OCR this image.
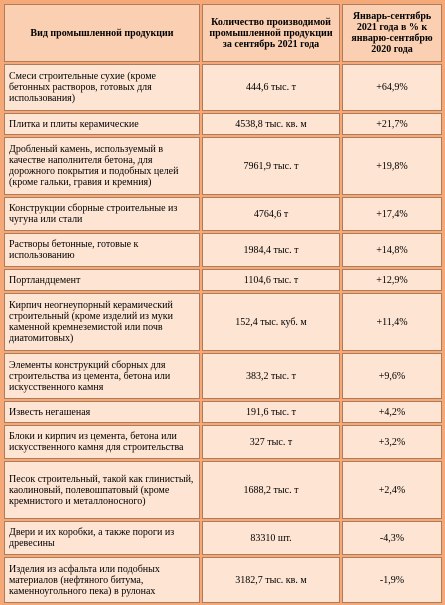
Вид промышленной продукции	Количество производимой промышленной продукции за сентябрь 2021 года	Январь-сентябрь 2021 года в % к январю-сентябрю 2020 года
Смеси строительные сухие (кроме бетонных растворов, готовых для использования)	444,6 тыс. т	+64,9%
Плитка и плиты керамические	4538,8 тыс. кв. м	+21,7%
Дробленый камень, используемый в качестве наполнителя бетона, для дорожного покрытия и подобных целей (кроме гальки, гравия и кремния)	7961,9 тыс. т	+19,8%
Конструкции сборные строительные из чугуна или стали	4764,6 т	+17,4%
Растворы бетонные, готовые к использованию	1984,4 тыс. т	+14,8%
Портландцемент	1104,6 тыс. т	+12,9%
Кирпич неогнеупорный керамический строительный (кроме изделий из муки каменной кремнеземистой или почв диатомитовых)	152,4 тыс. куб. м	+11,4%
Элементы конструкций сборных для строительства из цемента, бетона или искусственного камня	383,2 тыс. т	+9,6%
Известь негашеная	191,6 тыс. т	+4,2%
Блоки и кирпич из цемента, бетона или искусственного камня для строительства	327 тыс. т	+3,2%
Песок строительный, такой как глинистый, каолиновый, полевошпатовый (кроме кремнистого и металлоносного)	1688,2 тыс. т	+2,4%
Двери и их коробки, а также пороги из древесины	83310 шт.	-4,3%
Изделия из асфальта или подобных материалов (нефтяного битума, каменноугольного пека) в рулонах	3182,7 тыс. кв. м	-1,9%
